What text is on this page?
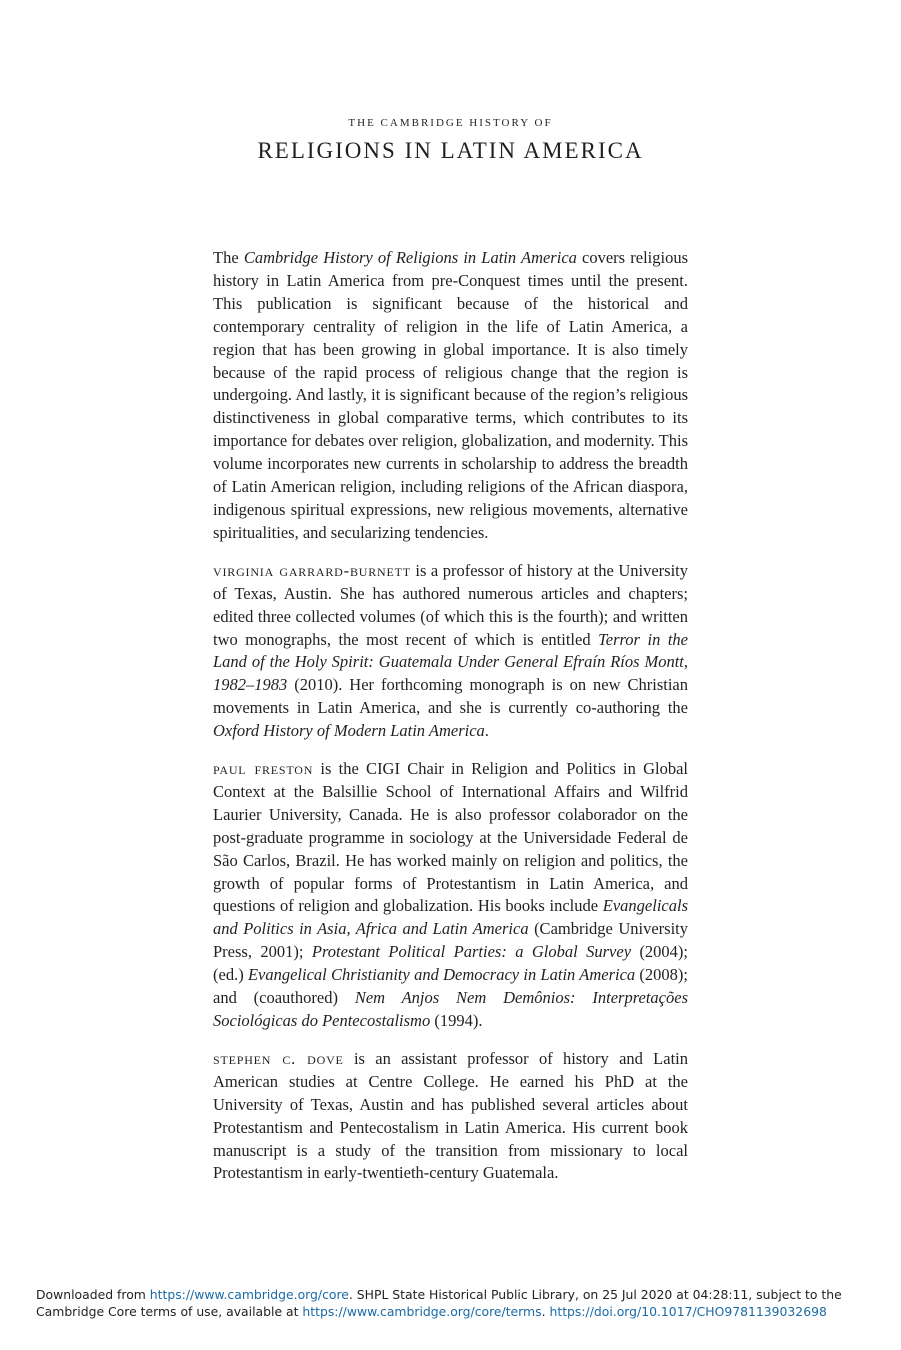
THE CAMBRIDGE HISTORY OF

RELIGIONS IN LATIN AMERICA

The Cambridge History of Religions in Latin America covers religious history in Latin America from pre-Conquest times until the present. This publication is significant because of the historical and contemporary centrality of religion in the life of Latin America, a region that has been growing in global importance. It is also timely because of the rapid process of religious change that the region is undergoing. And lastly, it is significant because of the region’s religious distinctiveness in global comparative terms, which contributes to its importance for debates over religion, globalization, and modernity. This volume incorporates new currents in scholarship to address the breadth of Latin American religion, including religions of the African diaspora, indigenous spiritual expressions, new religious movements, alternative spiritualities, and secularizing tendencies.

virginia garrard-burnett is a professor of history at the University of Texas, Austin. She has authored numerous articles and chapters; edited three collected volumes (of which this is the fourth); and written two monographs, the most recent of which is entitled Terror in the Land of the Holy Spirit: Guatemala Under General Efraín Ríos Montt, 1982–1983 (2010). Her forthcoming monograph is on new Christian movements in Latin America, and she is currently co-authoring the Oxford History of Modern Latin America.

paul freston is the CIGI Chair in Religion and Politics in Global Context at the Balsillie School of International Affairs and Wilfrid Laurier University, Canada. He is also professor colaborador on the post-graduate programme in sociology at the Universidade Federal de São Carlos, Brazil. He has worked mainly on religion and politics, the growth of popular forms of Protestantism in Latin America, and questions of religion and globalization. His books include Evangelicals and Politics in Asia, Africa and Latin America (Cambridge University Press, 2001); Protestant Political Parties: a Global Survey (2004); (ed.) Evangelical Christianity and Democracy in Latin America (2008); and (coauthored) Nem Anjos Nem Demônios: Interpretações Sociológicas do Pentecostalismo (1994).

stephen c. dove is an assistant professor of history and Latin American studies at Centre College. He earned his PhD at the University of Texas, Austin and has published several articles about Protestantism and Pentecostalism in Latin America. His current book manuscript is a study of the transition from missionary to local Protestantism in early-twentieth-century Guatemala.

Downloaded from https://www.cambridge.org/core. SHPL State Historical Public Library, on 25 Jul 2020 at 04:28:11, subject to the Cambridge Core terms of use, available at https://www.cambridge.org/core/terms. https://doi.org/10.1017/CHO9781139032698
